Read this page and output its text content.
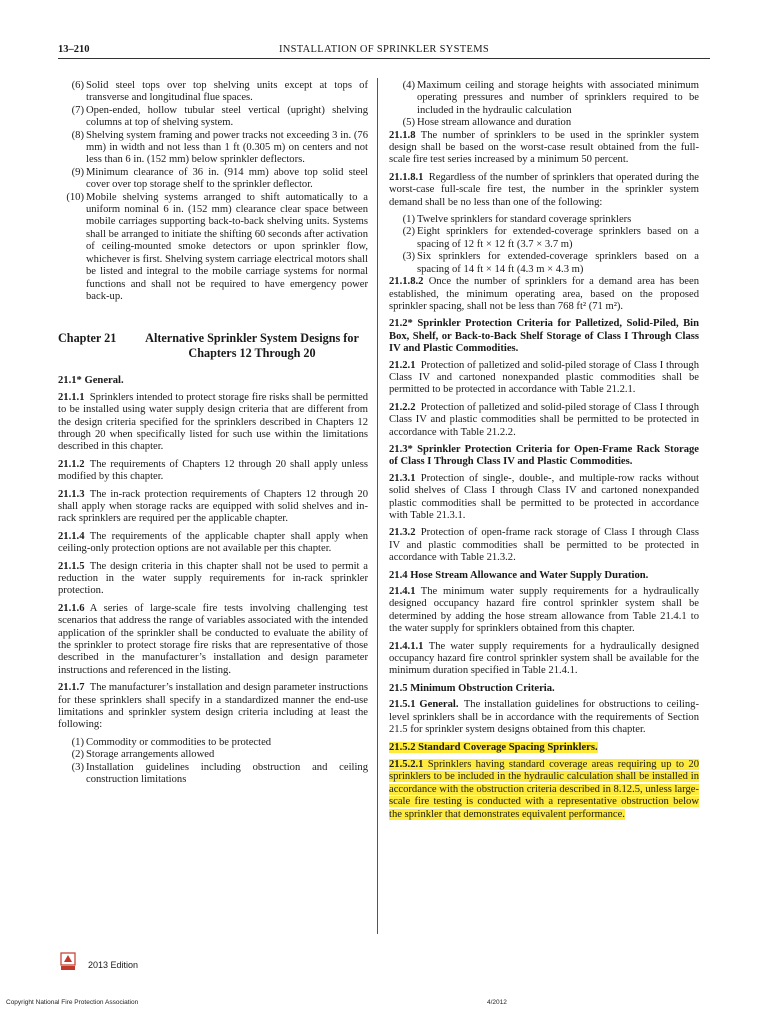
13–210	INSTALLATION OF SPRINKLER SYSTEMS
(6) Solid steel tops over top shelving units except at tops of transverse and longitudinal flue spaces.
(7) Open-ended, hollow tubular steel vertical (upright) shelving columns at top of shelving system.
(8) Shelving system framing and power tracks not exceeding 3 in. (76 mm) in width and not less than 1 ft (0.305 m) on centers and not less than 6 in. (152 mm) below sprinkler deflectors.
(9) Minimum clearance of 36 in. (914 mm) above top solid steel cover over top storage shelf to the sprinkler deflector.
(10) Mobile shelving systems arranged to shift automatically to a uniform nominal 6 in. (152 mm) clearance clear space between mobile carriages supporting back-to-back shelving units. Systems shall be arranged to initiate the shifting 60 seconds after activation of ceiling-mounted smoke detectors or upon sprinkler flow, whichever is first. Shelving system carriage electrical motors shall be listed and integral to the mobile carriage systems for normal functions and shall not be required to have emergency power back-up.
Chapter 21	Alternative Sprinkler System Designs for Chapters 12 Through 20
21.1* General.
21.1.1  Sprinklers intended to protect storage fire risks shall be permitted to be installed using water supply design criteria that are different from the design criteria specified for the sprinklers described in Chapters 12 through 20 when specifically listed for such use within the limitations described in this chapter.
21.1.2  The requirements of Chapters 12 through 20 shall apply unless modified by this chapter.
21.1.3  The in-rack protection requirements of Chapters 12 through 20 shall apply when storage racks are equipped with solid shelves and in-rack sprinklers are required per the applicable chapter.
21.1.4  The requirements of the applicable chapter shall apply when ceiling-only protection options are not available per this chapter.
21.1.5  The design criteria in this chapter shall not be used to permit a reduction in the water supply requirements for in-rack sprinkler protection.
21.1.6  A series of large-scale fire tests involving challenging test scenarios that address the range of variables associated with the intended application of the sprinkler shall be conducted to evaluate the ability of the sprinkler to protect storage fire risks that are representative of those described in the manufacturer’s installation and design parameter instructions and referenced in the listing.
21.1.7  The manufacturer’s installation and design parameter instructions for these sprinklers shall specify in a standardized manner the end-use limitations and sprinkler system design criteria including at least the following:
(1) Commodity or commodities to be protected
(2) Storage arrangements allowed
(3) Installation guidelines including obstruction and ceiling construction limitations
(4) Maximum ceiling and storage heights with associated minimum operating pressures and number of sprinklers required to be included in the hydraulic calculation
(5) Hose stream allowance and duration
21.1.8  The number of sprinklers to be used in the sprinkler system design shall be based on the worst-case result obtained from the full-scale fire test series increased by a minimum 50 percent.
21.1.8.1  Regardless of the number of sprinklers that operated during the worst-case full-scale fire test, the number in the sprinkler system demand shall be no less than one of the following:
(1) Twelve sprinklers for standard coverage sprinklers
(2) Eight sprinklers for extended-coverage sprinklers based on a spacing of 12 ft × 12 ft (3.7 × 3.7 m)
(3) Six sprinklers for extended-coverage sprinklers based on a spacing of 14 ft × 14 ft (4.3 m × 4.3 m)
21.1.8.2  Once the number of sprinklers for a demand area has been established, the minimum operating area, based on the proposed sprinkler spacing, shall not be less than 768 ft² (71 m²).
21.2* Sprinkler Protection Criteria for Palletized, Solid-Piled, Bin Box, Shelf, or Back-to-Back Shelf Storage of Class I Through Class IV and Plastic Commodities.
21.2.1  Protection of palletized and solid-piled storage of Class I through Class IV and cartoned nonexpanded plastic commodities shall be permitted to be protected in accordance with Table 21.2.1.
21.2.2  Protection of palletized and solid-piled storage of Class I through Class IV and plastic commodities shall be permitted to be protected in accordance with Table 21.2.2.
21.3* Sprinkler Protection Criteria for Open-Frame Rack Storage of Class I Through Class IV and Plastic Commodities.
21.3.1  Protection of single-, double-, and multiple-row racks without solid shelves of Class I through Class IV and cartoned nonexpanded plastic commodities shall be permitted to be protected in accordance with Table 21.3.1.
21.3.2  Protection of open-frame rack storage of Class I through Class IV and plastic commodities shall be permitted to be protected in accordance with Table 21.3.2.
21.4 Hose Stream Allowance and Water Supply Duration.
21.4.1  The minimum water supply requirements for a hydraulically designed occupancy hazard fire control sprinkler system shall be determined by adding the hose stream allowance from Table 21.4.1 to the water supply for sprinklers obtained from this chapter.
21.4.1.1  The water supply requirements for a hydraulically designed occupancy hazard fire control sprinkler system shall be available for the minimum duration specified in Table 21.4.1.
21.5 Minimum Obstruction Criteria.
21.5.1 General.  The installation guidelines for obstructions to ceiling-level sprinklers shall be in accordance with the requirements of Section 21.5 for sprinkler system designs obtained from this chapter.
21.5.2 Standard Coverage Spacing Sprinklers.
21.5.2.1 Sprinklers having standard coverage areas requiring up to 20 sprinklers to be included in the hydraulic calculation shall be installed in accordance with the obstruction criteria described in 8.12.5, unless large-scale fire testing is conducted with a representative obstruction below the sprinkler that demonstrates equivalent performance.
2013 Edition
Copyright National Fire Protection Association	4/2012
